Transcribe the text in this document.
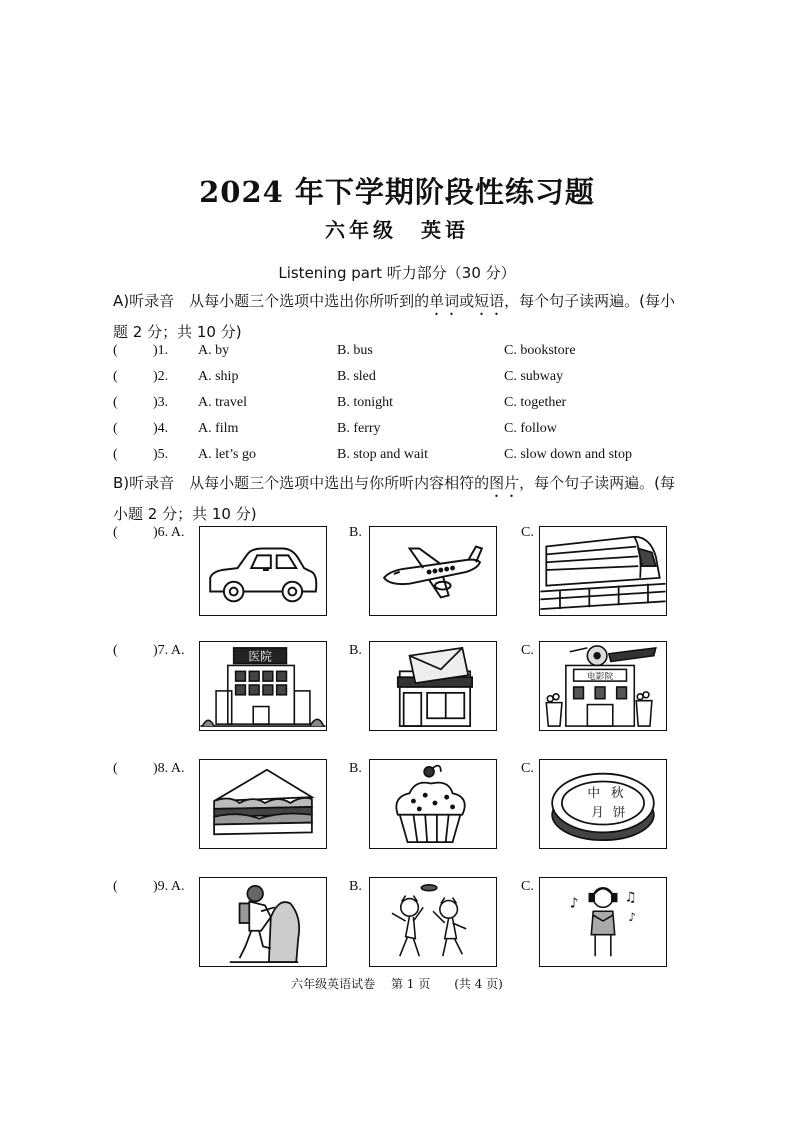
2024 年下学期阶段性练习题
六年级　英语
Listening part 听力部分（30 分）
A)听录音　从每小题三个选项中选出你所听到的单词或短语，每个句子读两遍。(每小题 2 分；共 10 分)
(	)1. A. by	B. bus	C. bookstore
(	)2. A. ship	B. sled	C. subway
(	)3. A. travel	B. tonight	C. together
(	)4. A. film	B. ferry	C. follow
(	)5. A. let’s go	B. stop and wait	C. slow down and stop
B)听录音　从每小题三个选项中选出与你所听内容相符的图片，每个句子读两遍。(每小题 2 分；共 10 分)
(	)6. A.	B.	C.
(	)7. A.	医院	B.	C.
电影院
(	)8. A.	B.	C.
中 秋
月 饼
(	)9. A.	B.	C.
♪	♫
♪
六年级英语试卷　 第 1 页　　(共 4 页)
